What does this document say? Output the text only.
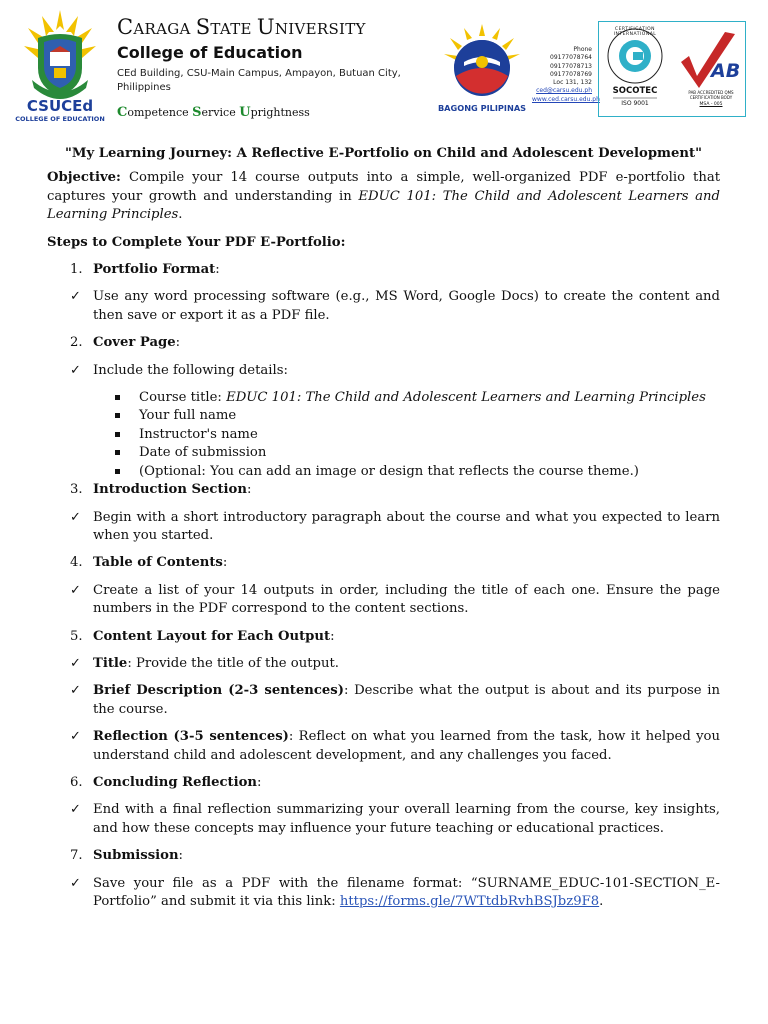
CSUCEd
COLLEGE OF EDUCATION
CARAGA STATE UNIVERSITY
College of Education
CEd Building, CSU-Main Campus, Ampayon, Butuan City, Philippines
Competence Service Uprightness	BAGONG PILIPINAS
Phone 09177078764
09177078713
09177078769
Loc 131, 132
ced@carsu.edu.ph
www.ced.carsu.edu.ph
CERTIFICATION INTERNATIONAL
SOCOTEC
ISO 9001
AB
PAB ACCREDITED QMS CERTIFICATION BODY
MSA - 005

"My Learning Journey: A Reflective E-Portfolio on Child and Adolescent Development"

Objective: Compile your 14 course outputs into a simple, well-organized PDF e-portfolio that captures your growth and understanding in EDUC 101: The Child and Adolescent Learners and Learning Principles.

Steps to Complete Your PDF E-Portfolio:

1. Portfolio Format:
✓ Use any word processing software (e.g., MS Word, Google Docs) to create the content and then save or export it as a PDF file.
2. Cover Page:
✓ Include the following details:
Course title: EDUC 101: The Child and Adolescent Learners and Learning Principles
Your full name
Instructor's name
Date of submission
(Optional: You can add an image or design that reflects the course theme.)
3. Introduction Section:
✓ Begin with a short introductory paragraph about the course and what you expected to learn when you started.
4. Table of Contents:
✓ Create a list of your 14 outputs in order, including the title of each one. Ensure the page numbers in the PDF correspond to the content sections.
5. Content Layout for Each Output:
✓ Title: Provide the title of the output.
✓ Brief Description (2-3 sentences): Describe what the output is about and its purpose in the course.
✓ Reflection (3-5 sentences): Reflect on what you learned from the task, how it helped you understand child and adolescent development, and any challenges you faced.
6. Concluding Reflection:
✓ End with a final reflection summarizing your overall learning from the course, key insights, and how these concepts may influence your future teaching or educational practices.
7. Submission:
✓ Save your file as a PDF with the filename format: “SURNAME_EDUC-101-SECTION_E-Portfolio” and submit it via this link: https://forms.gle/7WTtdbRvhBSJbz9F8.
